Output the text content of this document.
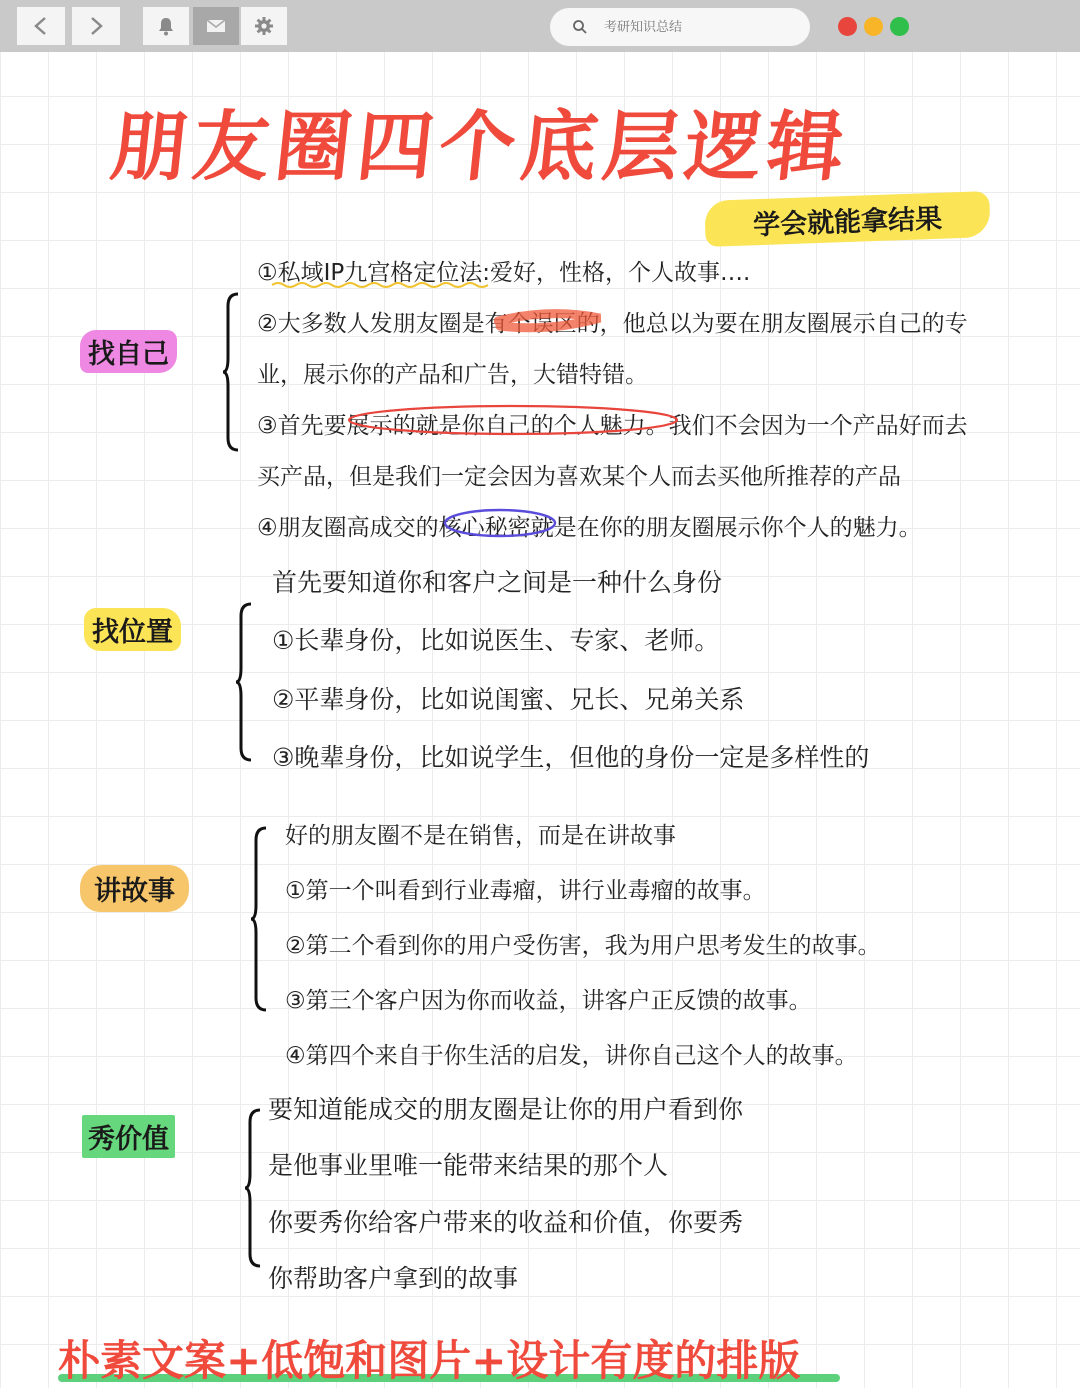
考研知识总结
朋友圈四个底层逻辑
学会就能拿结果
找自己
①私域IP九宫格定位法:爱好，性格，个人故事….
②大多数人发朋友圈是有个误区的，他总以为要在朋友圈展示自己的专
业，展示你的产品和广告，大错特错。
③首先要展示的就是你自己的个人魅力。我们不会因为一个产品好而去
买产品，但是我们一定会因为喜欢某个人而去买他所推荐的产品
④朋友圈高成交的核心秘密就是在你的朋友圈展示你个人的魅力。
找位置
首先要知道你和客户之间是一种什么身份
①长辈身份，比如说医生、专家、老师。
②平辈身份，比如说闺蜜、兄长、兄弟关系
③晚辈身份，比如说学生，但他的身份一定是多样性的
讲故事
好的朋友圈不是在销售，而是在讲故事
①第一个叫看到行业毒瘤，讲行业毒瘤的故事。
②第二个看到你的用户受伤害，我为用户思考发生的故事。
③第三个客户因为你而收益，讲客户正反馈的故事。
④第四个来自于你生活的启发，讲你自己这个人的故事。
秀价值
要知道能成交的朋友圈是让你的用户看到你
是他事业里唯一能带来结果的那个人
你要秀你给客户带来的收益和价值，你要秀
你帮助客户拿到的故事
朴素文案+低饱和图片+设计有度的排版
